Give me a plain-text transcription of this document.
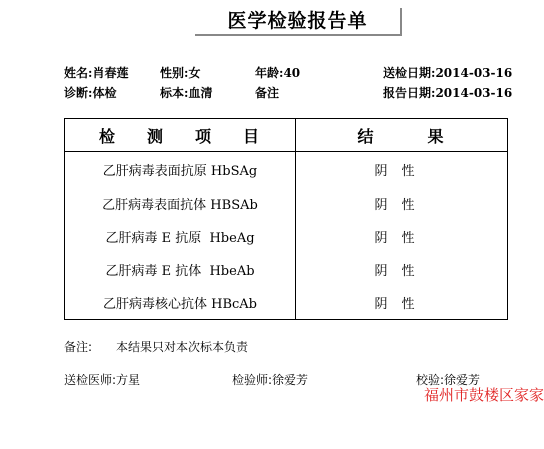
医学检验报告单
姓名:肖春莲	性别:女	年龄:40	送检日期:2014-03-16
诊断:体检	标本:血清	备注	报告日期:2014-03-16
检 测 项 目	结 果
乙肝病毒表面抗原 HbSAg	阴性
乙肝病毒表面抗体 HBSAb	阴性
乙肝病毒 E 抗原  HbeAg	阴性
乙肝病毒 E 抗体  HbeAb	阴性
乙肝病毒核心抗体 HBcAb	阴性
备注: 本结果只对本次标本负责
送检医师:方星	检验师:徐爱芳	校验:徐爱芳
福州市鼓楼区家家
